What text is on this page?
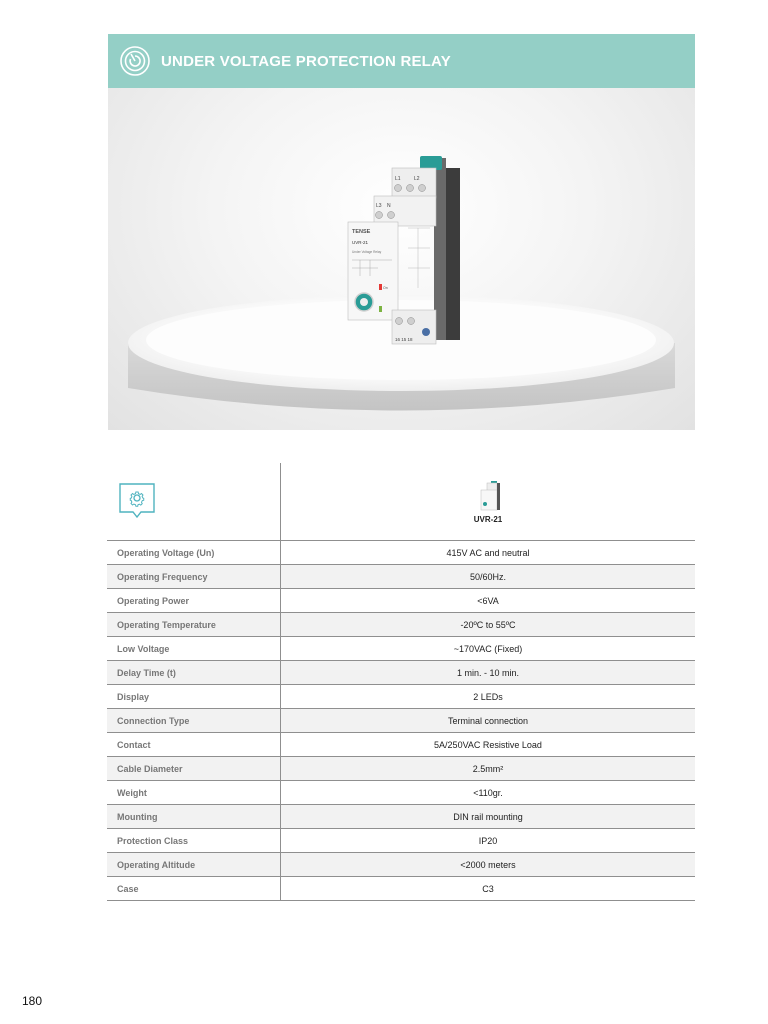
UNDER VOLTAGE PROTECTION RELAY
L1	L2
L3 N
TENSE
UVR-21
Under Voltage Relay
On
16 15 18

UVR-21

Operating Voltage (Un)	415V AC and neutral
Operating Frequency	50/60Hz.
Operating Power	<6VA
Operating Temperature	-20ºC to 55ºC
Low Voltage	~170VAC (Fixed)
Delay Time (t)	1 min. - 10 min.
Display	2 LEDs
Connection Type	Terminal connection
Contact	5A/250VAC Resistive Load
Cable Diameter	2.5mm²
Weight	<110gr.
Mounting	DIN rail mounting
Protection Class	IP20
Operating Altitude	<2000 meters
Case	C3
180
